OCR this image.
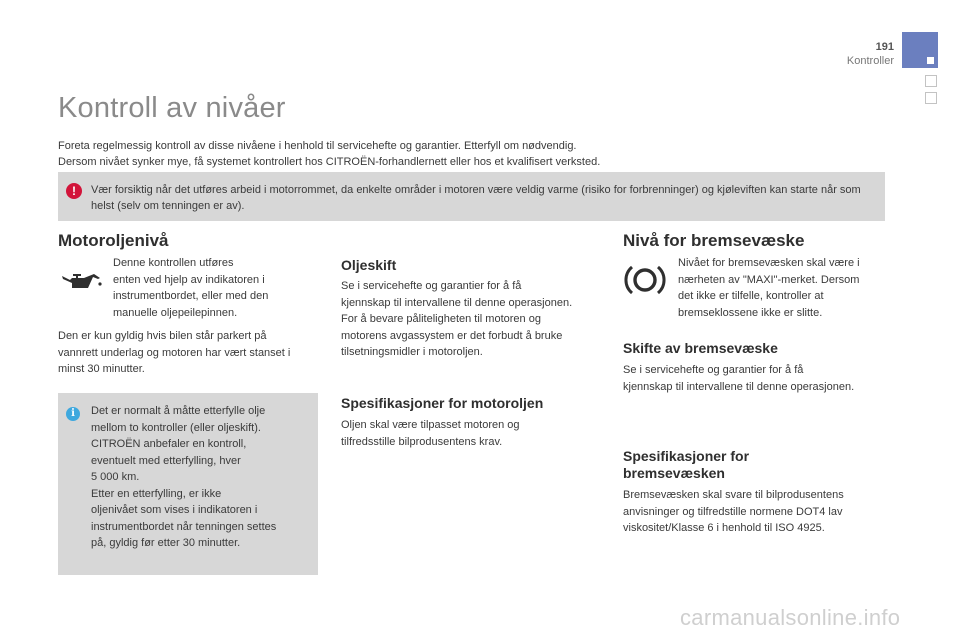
191
Kontroller
Kontroll av nivåer
Foreta regelmessig kontroll av disse nivåene i henhold til servicehefte og garantier. Etterfyll om nødvendig.
Dersom nivået synker mye, få systemet kontrollert hos CITROËN-forhandlernett eller hos et kvalifisert verksted.
!	Vær forsiktig når det utføres arbeid i motorrommet, da enkelte områder i motoren være veldig varme (risiko for forbrenninger) og kjøleviften kan starte når som helst (selv om tenningen er av).
Motoroljenivå
Denne kontrollen utføres
enten ved hjelp av indikatoren i
instrumentbordet, eller med den
manuelle oljepeilepinnen.
Den er kun gyldig hvis bilen står parkert på
vannrett underlag og motoren har vært stanset i
minst 30 minutter.
i	Det er normalt å måtte etterfylle olje
mellom to kontroller (eller oljeskift).
CITROËN anbefaler en kontroll,
eventuelt med etterfylling, hver
5 000 km.
Etter en etterfylling, er ikke
oljenivået som vises i indikatoren i
instrumentbordet når tenningen settes
på, gyldig før etter 30 minutter.
Oljeskift
Se i servicehefte og garantier for å få
kjennskap til intervallene til denne operasjonen.
For å bevare påliteligheten til motoren og
motorens avgassystem er det forbudt å bruke
tilsetningsmidler i motoroljen.
Spesifikasjoner for motoroljen
Oljen skal være tilpasset motoren og
tilfredsstille bilprodusentens krav.
Nivå for bremsevæske
Nivået for bremsevæsken skal være i
nærheten av "MAXI"-merket. Dersom
det ikke er tilfelle, kontroller at
bremseklossene ikke er slitte.
Skifte av bremsevæske
Se i servicehefte og garantier for å få
kjennskap til intervallene til denne operasjonen.
Spesifikasjoner for
bremsevæsken
Bremsevæsken skal svare til bilprodusentens
anvisninger og tilfredstille normene DOT4 lav
viskositet/Klasse 6 i henhold til ISO 4925.
carmanualsonline.info
